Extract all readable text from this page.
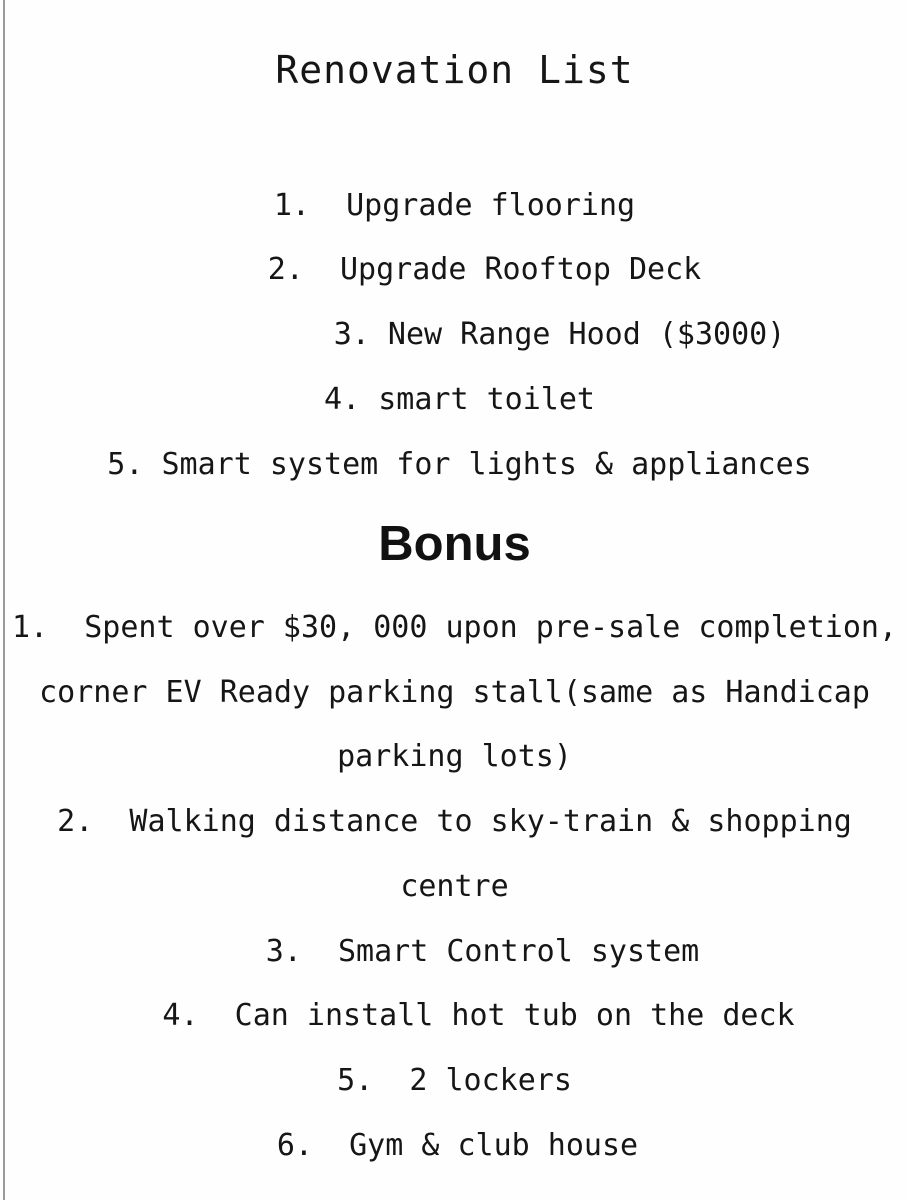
Renovation List
1.  Upgrade flooring
2.  Upgrade Rooftop Deck
3. New Range Hood ($3000)
4. smart toilet
5. Smart system for lights & appliances
Bonus
1.  Spent over $30, 000 upon pre-sale completion,
corner EV Ready parking stall(same as Handicap
parking lots)
2.  Walking distance to sky-train & shopping
centre
3.  Smart Control system
4.  Can install hot tub on the deck
5.  2 lockers
6.  Gym & club house
